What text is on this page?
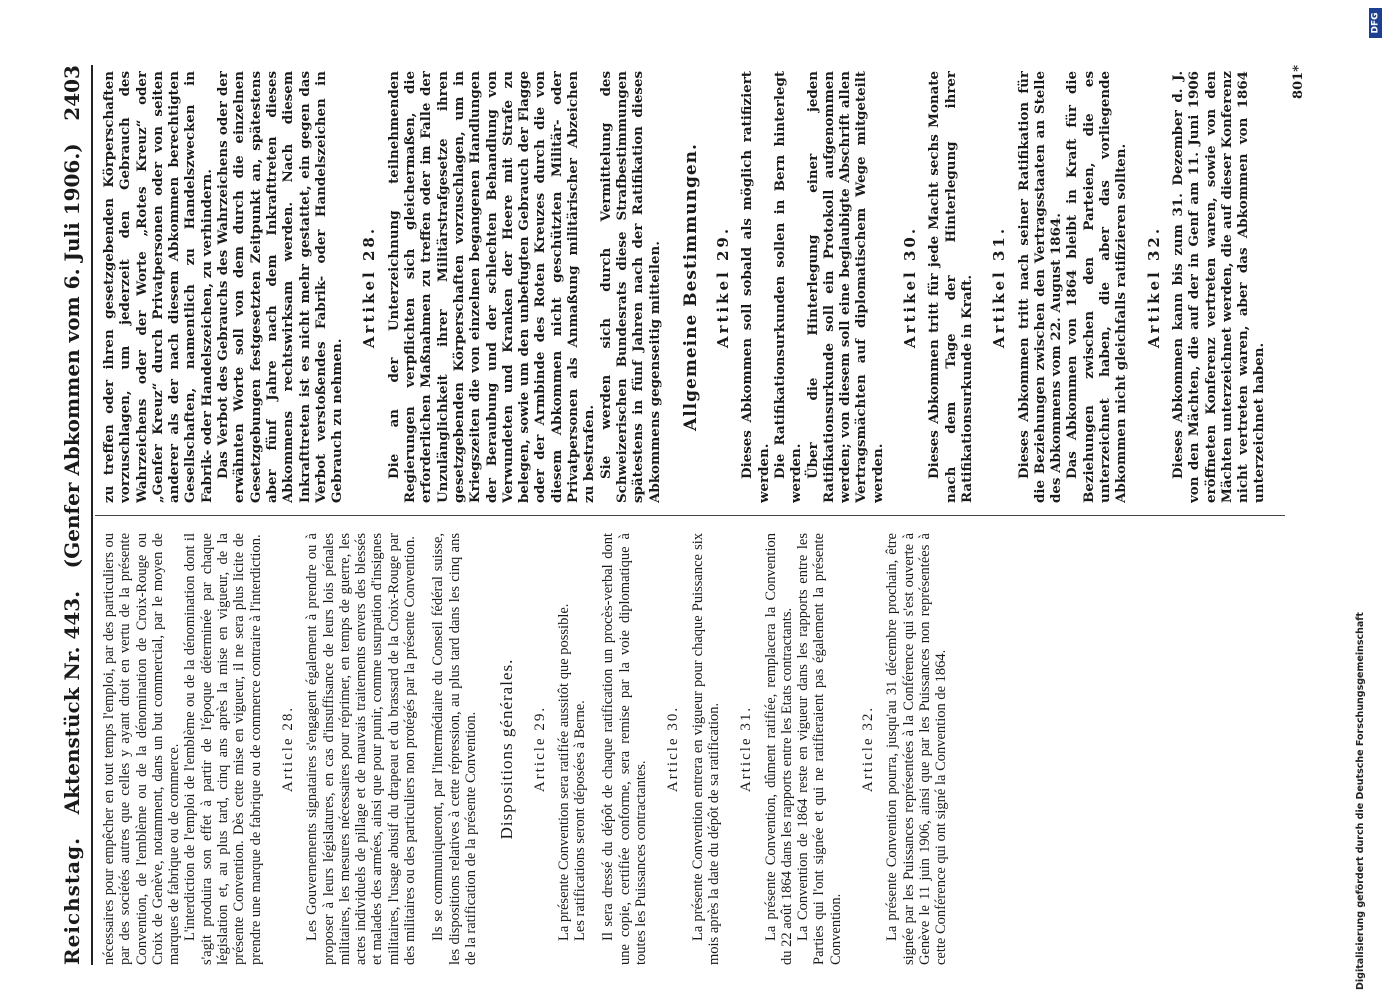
Reichstag.
Aktenstück Nr. 443.
(Genfer Abkommen vom 6. Juli 1906.)
2403

nécessaires pour empêcher en tout temps l'emploi, par des particuliers ou par des sociétés autres que celles y ayant droit en vertu de la présente Convention, de l'emblème ou de la dénomination de Croix-Rouge ou Croix de Genève, notamment, dans un but commercial, par le moyen de marques de fabrique ou de commerce. L'interdiction de l'emploi de l'emblème ou de la dénomination dont il s'agit produira son effet à partir de l'époque déterminée par chaque législation et, au plus tard, cinq ans après la mise en vigueur, de la présente Convention. Dès cette mise en vigueur, il ne sera plus licite de prendre une marque de fabrique ou de commerce contraire à l'interdiction. Article 28. Les Gouvernements signataires s'engagent également à prendre ou à proposer à leurs législatures, en cas d'insuffisance de leurs lois pénales militaires, les mesures nécessaires pour réprimer, en temps de guerre, les actes individuels de pillage et de mauvais traitements envers des blessés et malades des armées, ainsi que pour punir, comme usurpation d'insignes militaires, l'usage abusif du drapeau et du brassard de la Croix-Rouge par des militaires ou des particuliers non protégés par la présente Convention. Ils se communiqueront, par l'intermédiaire du Conseil fédéral suisse, les dispositions relatives à cette répression, au plus tard dans les cinq ans de la ratification de la présente Convention. Dispositions générales. Article 29. La présente Convention sera ratifiée aussitôt que possible. Les ratifications seront déposées à Berne. Il sera dressé du dépôt de chaque ratification un procès-verbal dont une copie, certifiée conforme, sera remise par la voie diplomatique à toutes les Puissances contractantes.

Article 30. La présente Convention entrera en vigueur pour chaque Puissance six mois après la date du dépôt de sa ratification. Article 31. La présente Convention, dûment ratifiée, remplacera la Convention du 22 août 1864 dans les rapports entre les Etats contractants. La Convention de 1864 reste en vigueur dans les rapports entre les Parties qui l'ont signée et qui ne ratifieraient pas également la présente Convention.

Article 32. La présente Convention pourra, jusqu'au 31 décembre prochain, être signée par les Puissances représentées à la Conférence qui s'est ouverte à Genève le 11 juin 1906, ainsi que par les Puissances non représentées à cette Conférence qui ont signé la Convention de 1864.

zu treffen oder ihren gesetzgebenden Körperschaften vorzuschlagen, um jederzeit den Gebrauch des Wahrzeichens oder der Worte „Rotes Kreuz“ oder „Genfer Kreuz“ durch Privatpersonen oder von seiten anderer als der nach diesem Abkommen berechtigten Gesellschaften, namentlich zu Handelszwecken in Fabrik- oder Handelszeichen, zu verhindern. Das Verbot des Gebrauchs des Wahrzeichens oder der erwähnten Worte soll von dem durch die einzelnen Gesetzgebungen festgesetzten Zeitpunkt an, spätestens aber fünf Jahre nach dem Inkrafttreten dieses Abkommens rechtswirksam werden. Nach diesem Inkrafttreten ist es nicht mehr gestattet, ein gegen das Verbot verstoßendes Fabrik- oder Handelszeichen in Gebrauch zu nehmen.

Artikel 28. Die an der Unterzeichnung teilnehmenden Regierungen verpflichten sich gleichermaßen, die erforderlichen Maßnahmen zu treffen oder im Falle der Unzulänglichkeit ihrer Militärstrafgesetze ihren gesetzgebenden Körperschaften vorzuschlagen, um in Kriegszeiten die von einzelnen begangenen Handlungen der Beraubung und der schlechten Behandlung von Verwundeten und Kranken der Heere mit Strafe zu belegen, sowie um den unbefugten Gebrauch der Flagge oder der Armbinde des Roten Kreuzes durch die von diesem Abkommen nicht geschützten Militär- oder Privatpersonen als Anmaßung militärischer Abzeichen zu bestrafen. Sie werden sich durch Vermittelung des Schweizerischen Bundesrats diese Strafbestimmungen spätestens in fünf Jahren nach der Ratifikation dieses Abkommens gegenseitig mitteilen. Allgemeine Bestimmungen. Artikel 29. Dieses Abkommen soll sobald als möglich ratifiziert werden. Die Ratifikationsurkunden sollen in Bern hinterlegt werden. Über die Hinterlegung einer jeden Ratifikationsurkunde soll ein Protokoll aufgenommen werden; von diesem soll eine beglaubigte Abschrift allen Vertragsmächten auf diplomatischem Wege mitgeteilt werden.

Artikel 30. Dieses Abkommen tritt für jede Macht sechs Monate nach dem Tage der Hinterlegung ihrer Ratifikationsurkunde in Kraft. Artikel 31. Dieses Abkommen tritt nach seiner Ratifikation für die Beziehungen zwischen den Vertragsstaaten an Stelle des Abkommens vom 22. August 1864. Das Abkommen von 1864 bleibt in Kraft für die Beziehungen zwischen den Parteien, die es unterzeichnet haben, die aber das vorliegende Abkommen nicht gleichfalls ratifizieren sollten. Artikel 32. Dieses Abkommen kann bis zum 31. Dezember d. J. von den Mächten, die auf der in Genf am 11. Juni 1906 eröffneten Konferenz vertreten waren, sowie von den Mächten unterzeichnet werden, die auf dieser Konferenz nicht vertreten waren, aber das Abkommen von 1864 unterzeichnet haben.

801*
Digitalisierung gefördert durch die Deutsche Forschungsgemeinschaft
DFG
